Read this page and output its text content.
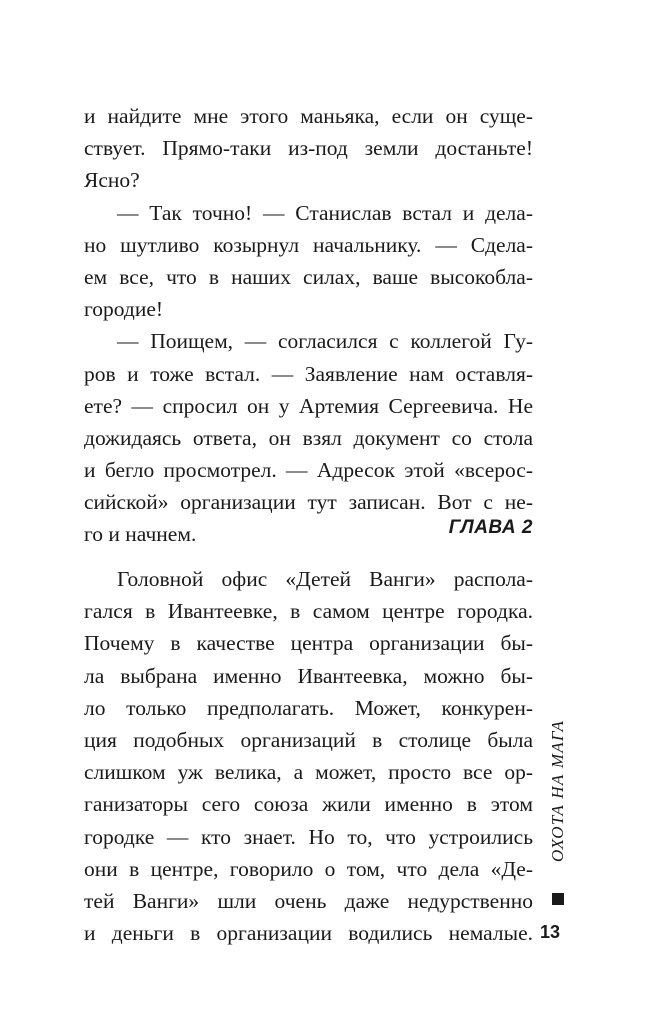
и найдите мне этого маньяка, если он суще-
ствует. Прямо-таки из-под земли достаньте!
Ясно?
— Так точно! — Станислав встал и дела-
но шутливо козырнул начальнику. — Сдела-
ем все, что в наших силах, ваше высокобла-
городие!
— Поищем, — согласился с коллегой Гу-
ров и тоже встал. — Заявление нам оставля-
ете? — спросил он у Артемия Сергеевича. Не
дожидаясь ответа, он взял документ со стола
и бегло просмотрел. — Адресок этой «всерос-
сийской» организации тут записан. Вот с не-
го и начнем.	ГЛАВА 2
Головной офис «Детей Ванги» распола-
гался в Ивантеевке, в самом центре городка.
Почему в качестве центра организации бы-
ла выбрана именно Ивантеевка, можно бы-
ло только предполагать. Может, конкурен-
ция подобных организаций в столице была
слишком уж велика, а может, просто все ор-
ганизаторы сего союза жили именно в этом
городке — кто знает. Но то, что устроились
они в центре, говорило о том, что дела «Де-
тей Ванги» шли очень даже недурственно
и деньги в организации водились немалые.
ОХОТА НА МАГА
13
